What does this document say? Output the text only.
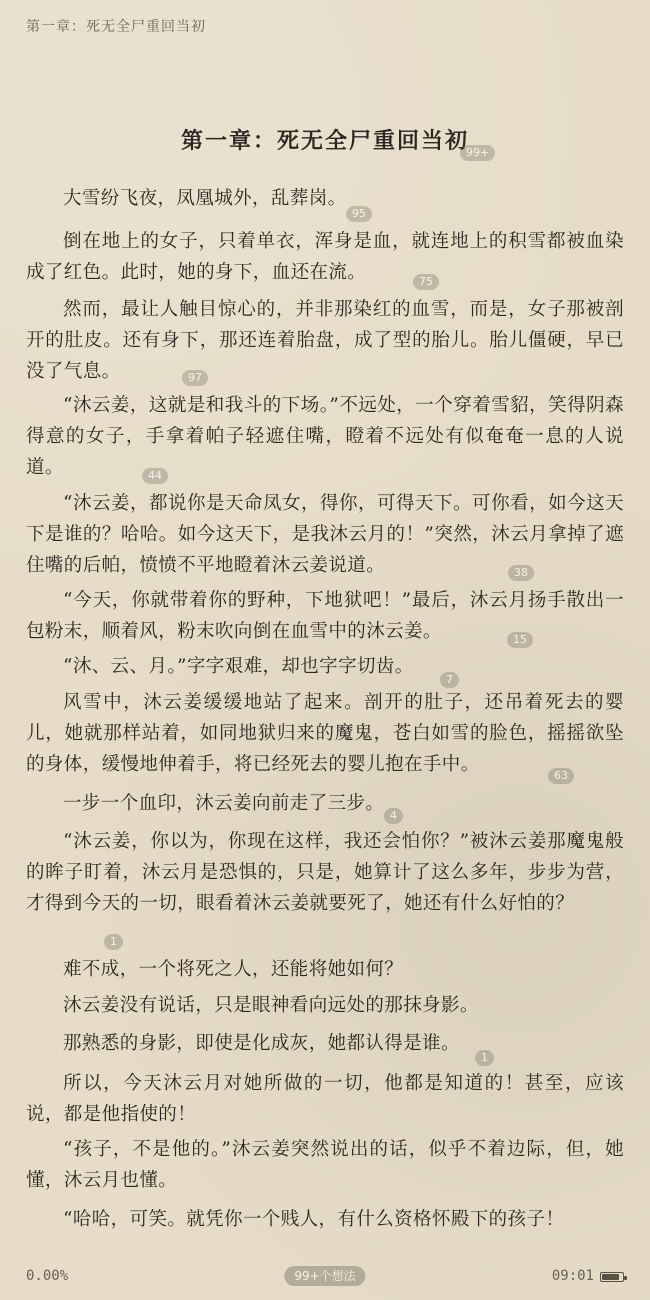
第一章：死无全尸重回当初
第一章：死无全尸重回当初
99+
大雪纷飞夜，凤凰城外，乱葬岗。
95
倒在地上的女子，只着单衣，浑身是血，就连地上的积雪都被血染成了红色。此时，她的身下，血还在流。	75
然而，最让人触目惊心的，并非那染红的血雪，而是，女子那被剖开的肚皮。还有身下，那还连着胎盘，成了型的胎儿。胎儿僵硬，早已没了气息。	97
“沐云姜，这就是和我斗的下场。”不远处，一个穿着雪貂，笑得阴森得意的女子，手拿着帕子轻遮住嘴，瞪着不远处有似奄奄一息的人说道。	44
“沐云姜，都说你是天命凤女，得你，可得天下。可你看，如今这天下是谁的？哈哈。如今这天下，是我沐云月的！”突然，沐云月拿掉了遮住嘴的后帕，愤愤不平地瞪着沐云姜说道。	38
“今天，你就带着你的野种，下地狱吧！”最后，沐云月扬手散出一包粉末，顺着风，粉末吹向倒在血雪中的沐云姜。	15
“沐、云、月。”字字艰难，却也字字切齿。
7
风雪中，沐云姜缓缓地站了起来。剖开的肚子，还吊着死去的婴儿，她就那样站着，如同地狱归来的魔鬼，苍白如雪的脸色，摇摇欲坠的身体，缓慢地伸着手，将已经死去的婴儿抱在手中。
63
一步一个血印，沐云姜向前走了三步。
4
“沐云姜，你以为，你现在这样，我还会怕你？”被沐云姜那魔鬼般的眸子盯着，沐云月是恐惧的，只是，她算计了这么多年，步步为营，才得到今天的一切，眼看着沐云姜就要死了，她还有什么好怕的？
1
难不成，一个将死之人，还能将她如何？
沐云姜没有说话，只是眼神看向远处的那抹身影。
那熟悉的身影，即使是化成灰，她都认得是谁。
1
所以，今天沐云月对她所做的一切，他都是知道的！甚至，应该说，都是他指使的！
“孩子，不是他的。”沐云姜突然说出的话，似乎不着边际，但，她懂，沐云月也懂。
“哈哈，可笑。就凭你一个贱人，有什么资格怀殿下的孩子！
0.00%	99+个想法	09:01
